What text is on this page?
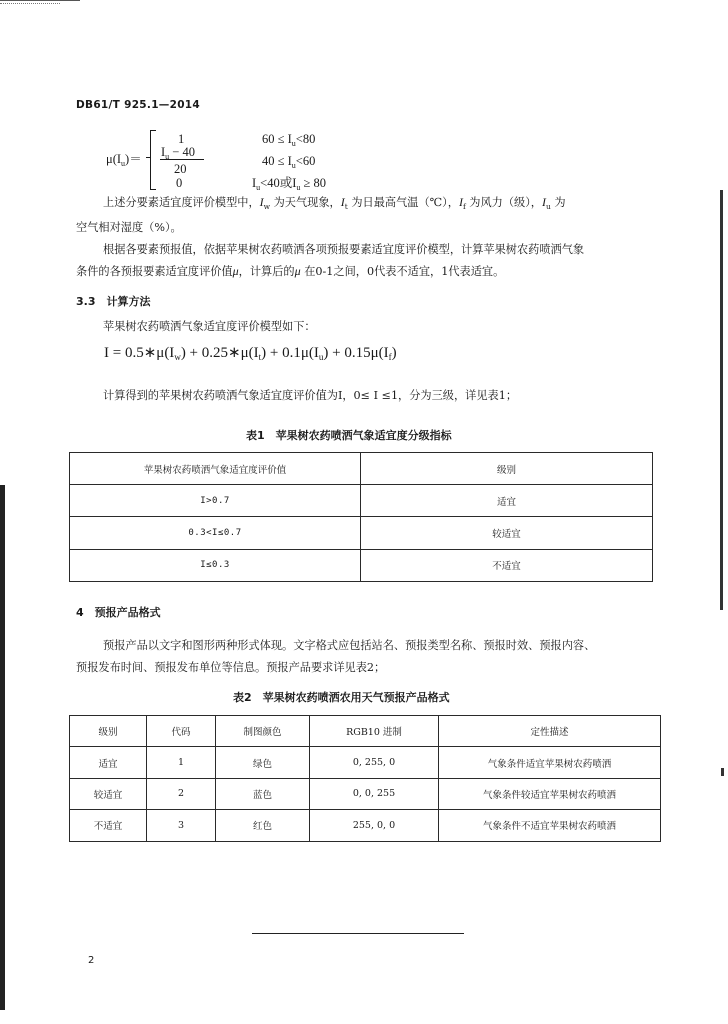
DB61/T 925.1—2014
$\mu(I_u)=$
1	$60 \le I_u<80$
$I_u - 40$
20
$40 \le I_u<60$
0	$I_u<40$或$I_u \ge 80$
上述分要素适宜度评价模型中，$I_w$ 为天气现象，$I_t$ 为日最高气温（℃），$I_f$ 为风力（级），$I_u$ 为
空气相对湿度（%）。
根据各要素预报值，依据苹果树农药喷洒各项预报要素适宜度评价模型，计算苹果树农药喷洒气象
条件的各预报要素适宜度评价值μ，计算后的μ 在0-1之间，0代表不适宜，1代表适宜。
3.3　计算方法
苹果树农药喷洒气象适宜度评价模型如下：
$I = 0.5∗\mu(I_w)$ + $0.25∗\mu(I_t) + 0.1\mu(I_u) + 0.15\mu(I_f)$
计算得到的苹果树农药喷洒气象适宜度评价值为I，0≤ I ≤1，分为三级，详见表1；
表1　苹果树农药喷洒气象适宜度分级指标
苹果树农药喷洒气象适宜度评价值	级别
I>0.7	适宜
0.3<I≤0.7	较适宜
I≤0.3	不适宜
4　预报产品格式
预报产品以文字和图形两种形式体现。文字格式应包括站名、预报类型名称、预报时效、预报内容、
预报发布时间、预报发布单位等信息。预报产品要求详见表2；
表2　苹果树农药喷洒农用天气预报产品格式
级别	代码	制图颜色	RGB10 进制	定性描述
适宜	1	绿色	0, 255, 0	气象条件适宜苹果树农药喷洒
较适宜	2	蓝色	0, 0, 255	气象条件较适宜苹果树农药喷洒
不适宜	3	红色	255, 0, 0	气象条件不适宜苹果树农药喷洒
2
